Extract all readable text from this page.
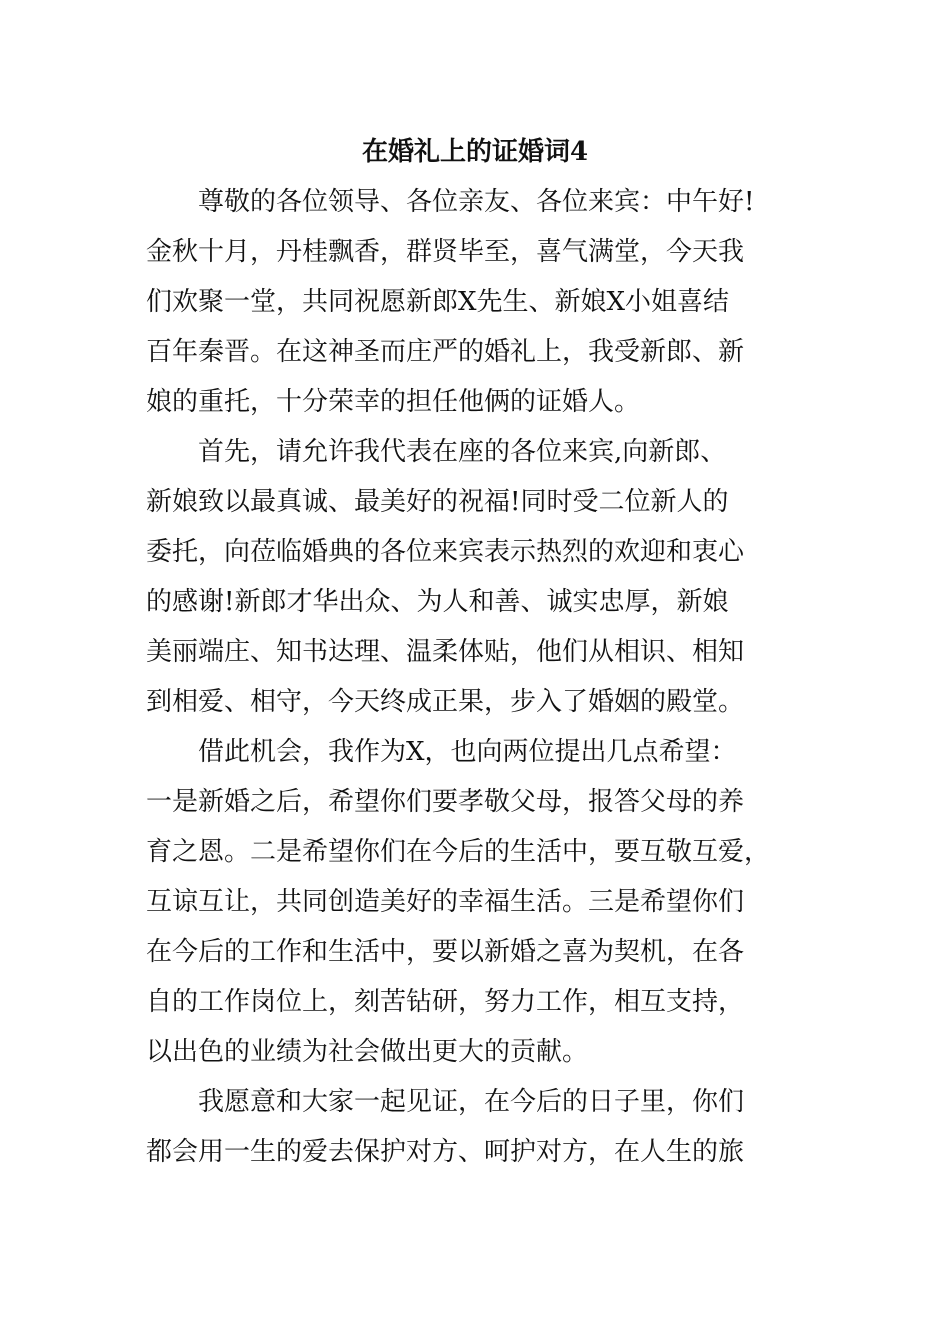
在婚礼上的证婚词4

尊敬的各位领导、各位亲友、各位来宾：中午好!

金秋十月，丹桂飘香，群贤毕至，喜气满堂，今天我

们欢聚一堂，共同祝愿新郎X先生、新娘X小姐喜结

百年秦晋。在这神圣而庄严的婚礼上，我受新郎、新

娘的重托，十分荣幸的担任他俩的证婚人。

首先，请允许我代表在座的各位来宾,向新郎、

新娘致以最真诚、最美好的祝福!同时受二位新人的

委托，向莅临婚典的各位来宾表示热烈的欢迎和衷心

的感谢!新郎才华出众、为人和善、诚实忠厚，新娘

美丽端庄、知书达理、温柔体贴，他们从相识、相知

到相爱、相守，今天终成正果，步入了婚姻的殿堂。

借此机会，我作为X，也向两位提出几点希望：

一是新婚之后，希望你们要孝敬父母，报答父母的养

育之恩。二是希望你们在今后的生活中，要互敬互爱，

互谅互让，共同创造美好的幸福生活。三是希望你们

在今后的工作和生活中，要以新婚之喜为契机，在各

自的工作岗位上，刻苦钻研，努力工作，相互支持，

以出色的业绩为社会做出更大的贡献。

我愿意和大家一起见证，在今后的日子里，你们

都会用一生的爱去保护对方、呵护对方，在人生的旅
